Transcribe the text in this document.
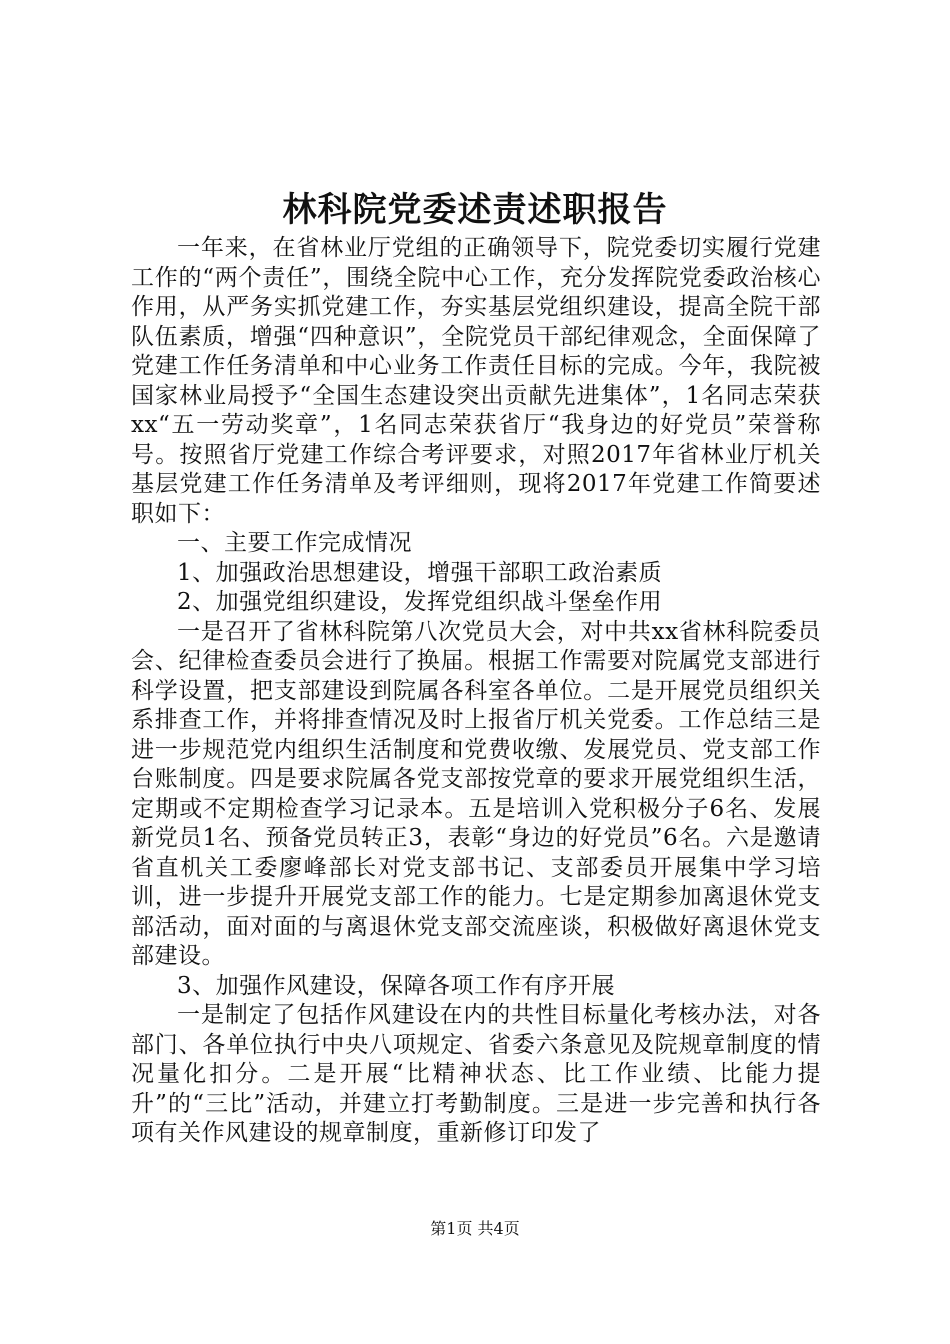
林科院党委述责述职报告

一年来，在省林业厅党组的正确领导下，院党委切实履行党建工作的“两个责任”，围绕全院中心工作，充分发挥院党委政治核心作用，从严务实抓党建工作，夯实基层党组织建设，提高全院干部队伍素质，增强“四种意识”，全院党员干部纪律观念，全面保障了党建工作任务清单和中心业务工作责任目标的完成。今年，我院被国家林业局授予“全国生态建设突出贡献先进集体”，1名同志荣获xx“五一劳动奖章”，1名同志荣获省厅“我身边的好党员”荣誉称号。按照省厅党建工作综合考评要求，对照2017年省林业厅机关基层党建工作任务清单及考评细则，现将2017年党建工作简要述职如下：

一、主要工作完成情况

1、加强政治思想建设，增强干部职工政治素质

2、加强党组织建设，发挥党组织战斗堡垒作用

一是召开了省林科院第八次党员大会，对中共xx省林科院委员会、纪律检查委员会进行了换届。根据工作需要对院属党支部进行科学设置，把支部建设到院属各科室各单位。二是开展党员组织关系排查工作，并将排查情况及时上报省厅机关党委。工作总结三是进一步规范党内组织生活制度和党费收缴、发展党员、党支部工作台账制度。四是要求院属各党支部按党章的要求开展党组织生活，定期或不定期检查学习记录本。五是培训入党积极分子6名、发展新党员1名、预备党员转正3，表彰“身边的好党员”6名。六是邀请省直机关工委廖峰部长对党支部书记、支部委员开展集中学习培训，进一步提升开展党支部工作的能力。七是定期参加离退休党支部活动，面对面的与离退休党支部交流座谈，积极做好离退休党支部建设。

3、加强作风建设，保障各项工作有序开展

一是制定了包括作风建设在内的共性目标量化考核办法，对各部门、各单位执行中央八项规定、省委六条意见及院规章制度的情况量化扣分。二是开展“比精神状态、比工作业绩、比能力提升”的“三比”活动，并建立打考勤制度。三是进一步完善和执行各项有关作风建设的规章制度，重新修订印发了

第1页 共4页
